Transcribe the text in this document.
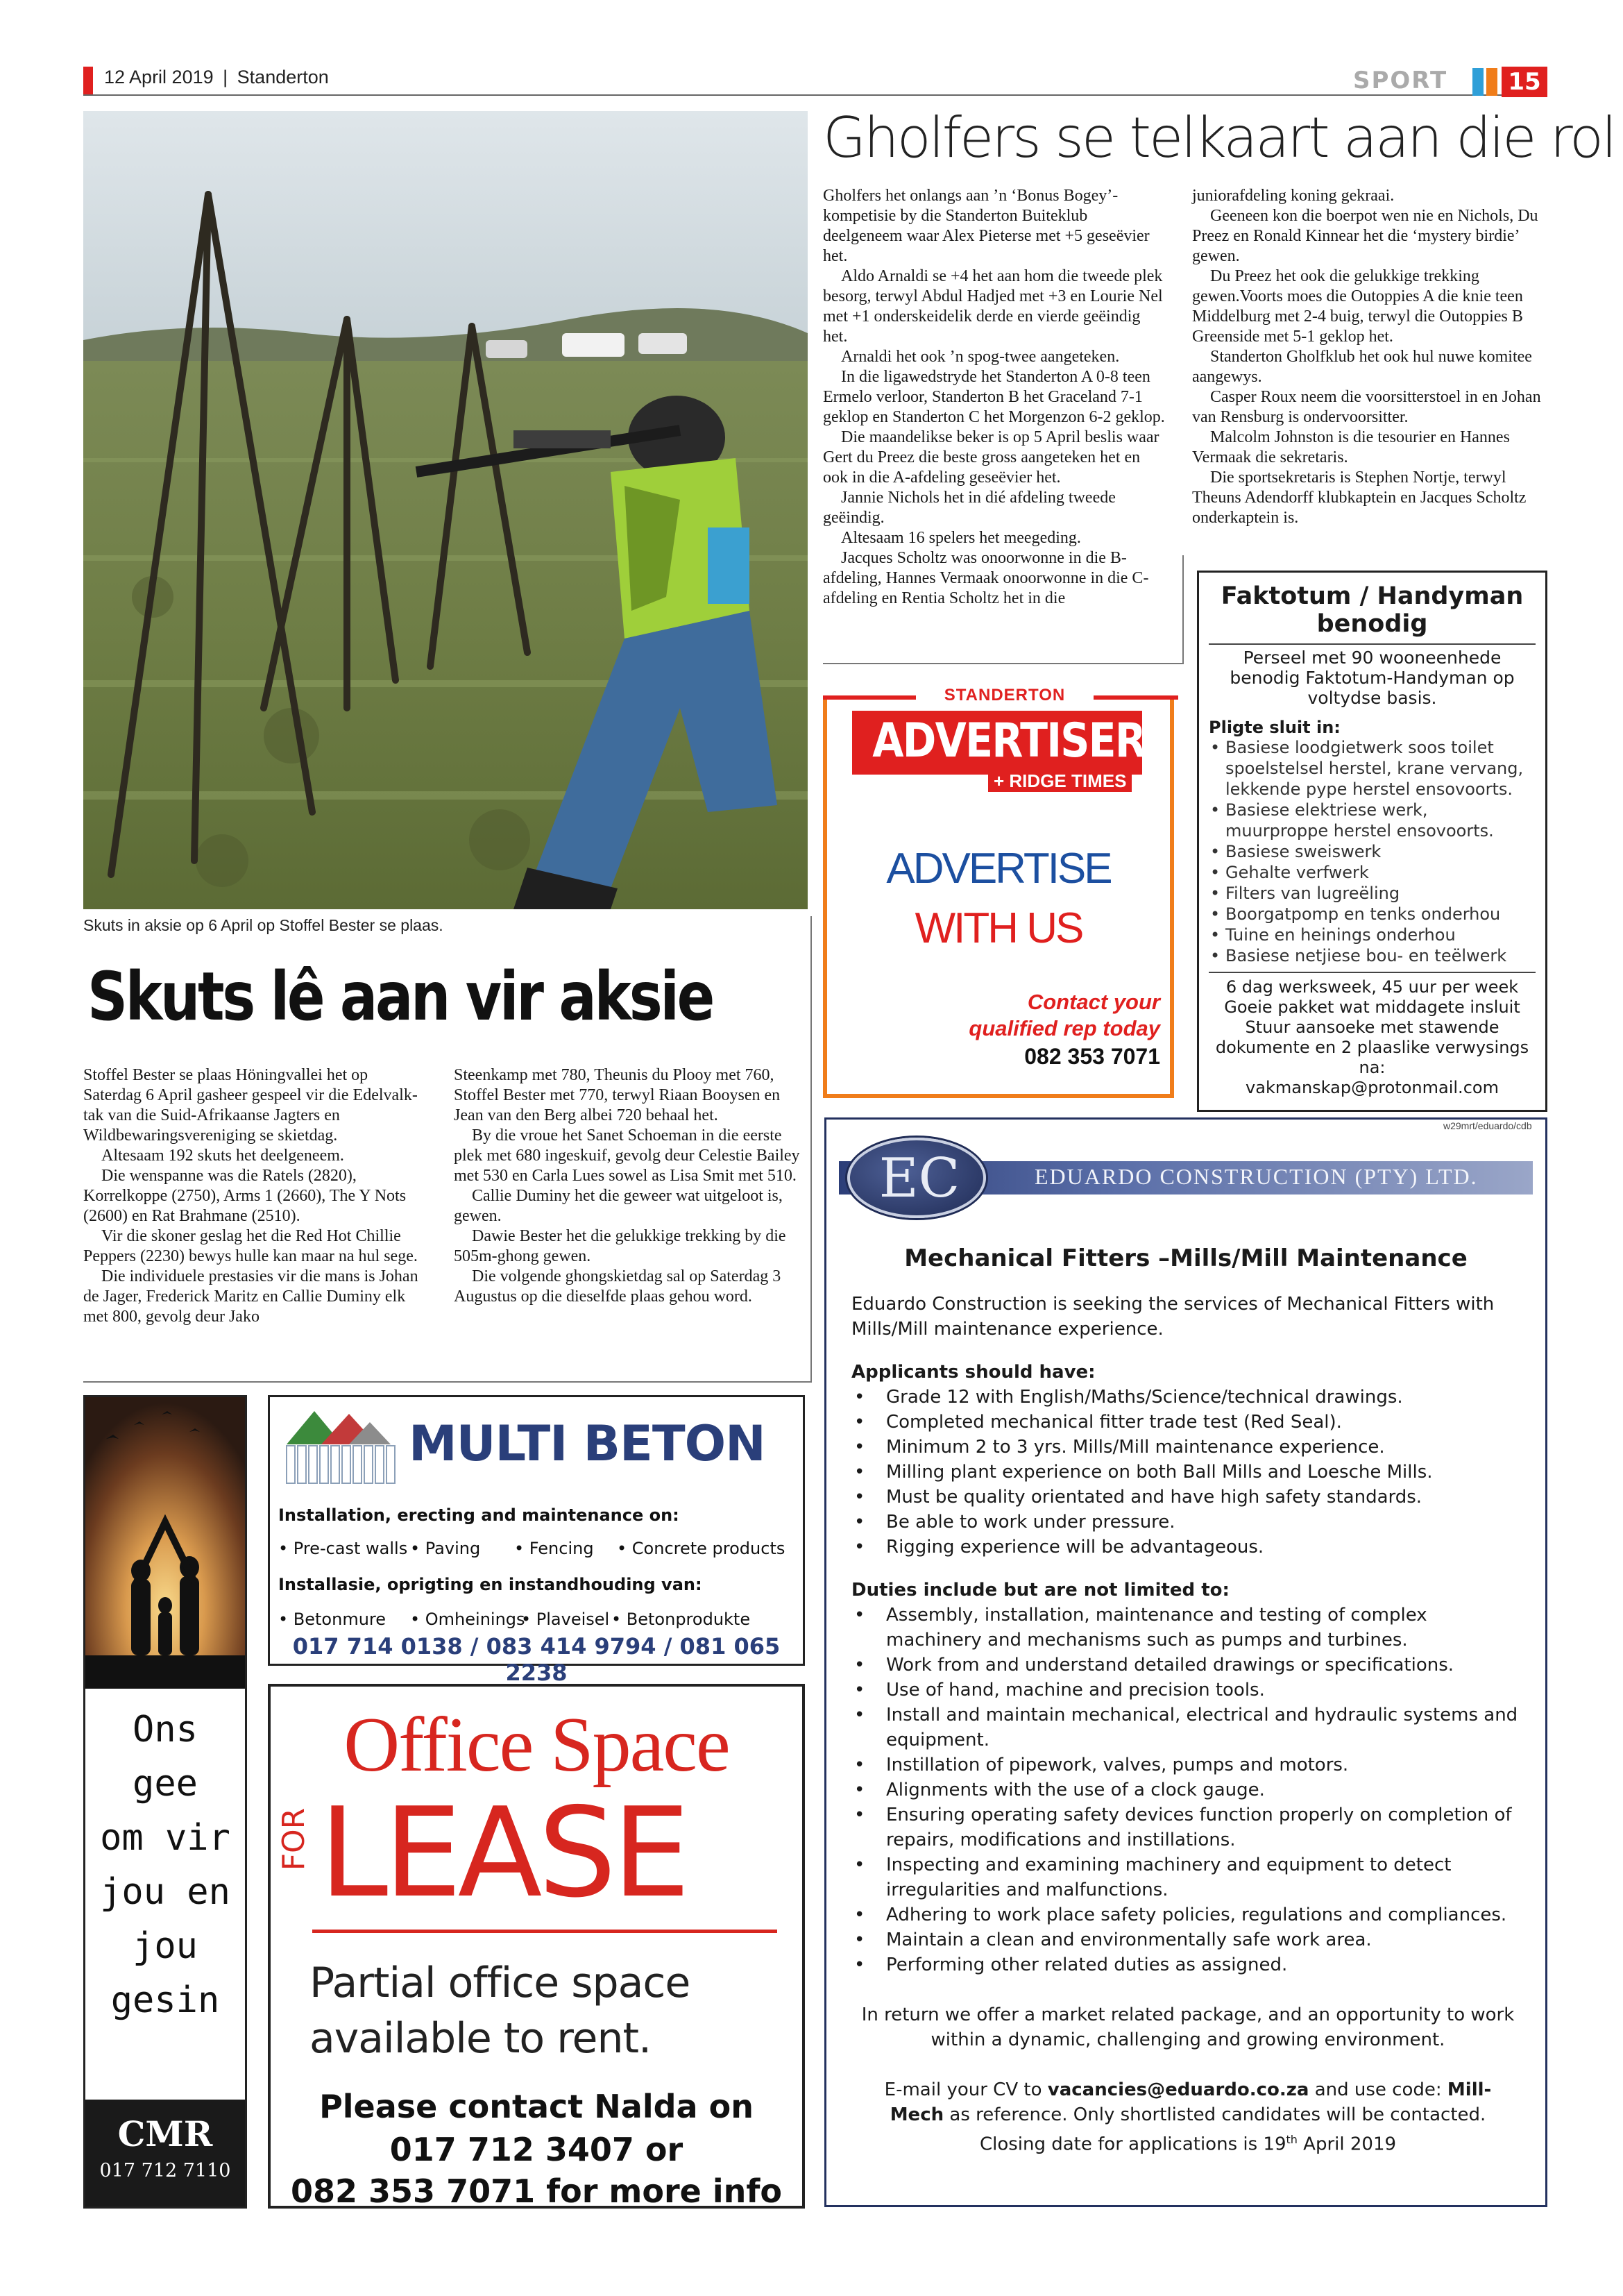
12 April 2019 | Standerton	SPORT	15
Skuts in aksie op 6 April op Stoffel Bester se plaas.
Gholfers se telkaart aan die rol

Gholfers het onlangs aan ’n ‘Bonus Bogey’-kompetisie by die Standerton Buiteklub deelgeneem waar Alex Pieterse met +5 geseëvier het.

Aldo Arnaldi se +4 het aan hom die tweede plek besorg, terwyl Abdul Hadjed met +3 en Lourie Nel met +1 onderskeidelik derde en vierde geëindig het.

Arnaldi het ook ’n spog-twee aangeteken.

In die ligawedstryde het Standerton A 0-8 teen Ermelo verloor, Standerton B het Graceland 7-1 geklop en Standerton C het Morgenzon 6-2 geklop.

Die maandelikse beker is op 5 April beslis waar Gert du Preez die beste gross aangeteken het en ook in die A-afdeling geseëvier het.

Jannie Nichols het in dié afdeling tweede geëindig.

Altesaam 16 spelers het meegeding.

Jacques Scholtz was onoorwonne in die B-afdeling, Hannes Vermaak onoorwonne in die C-afdeling en Rentia Scholtz het in die

juniorafdeling koning gekraai.

Geeneen kon die boerpot wen nie en Nichols, Du Preez en Ronald Kinnear het die ‘mystery birdie’ gewen.

Du Preez het ook die gelukkige trekking gewen.Voorts moes die Outoppies A die knie teen Middelburg met 2-4 buig, terwyl die Outoppies B Greenside met 5-1 geklop het.

Standerton Gholfklub het ook hul nuwe komitee aangewys.

Casper Roux neem die voorsitterstoel in en Johan van Rensburg is ondervoorsitter.

Malcolm Johnston is die tesourier en Hannes Vermaak die sekretaris.

Die sportsekretaris is Stephen Nortje, terwyl Theuns Adendorff klubkaptein en Jacques Scholtz onderkaptein is.

Skuts lê aan vir aksie

Stoffel Bester se plaas Höningvallei het op Saterdag 6 April gasheer gespeel vir die Edelvalk-tak van die Suid-Afrikaanse Jagters en Wildbewaringsvereniging se skietdag.

Altesaam 192 skuts het deelgeneem.

Die wenspanne was die Ratels (2820), Korrelkoppe (2750), Arms 1 (2660), The Y Nots (2600) en Rat Brahmane (2510).

Vir die skoner geslag het die Red Hot Chillie Peppers (2230) bewys hulle kan maar na hul sege.

Die individuele prestasies vir die mans is Johan de Jager, Frederick Maritz en Callie Duminy elk met 800, gevolg deur Jako

Steenkamp met 780, Theunis du Plooy met 760, Stoffel Bester met 770, terwyl Riaan Booysen en Jean van den Berg albei 720 behaal het.

By die vroue het Sanet Schoeman in die eerste plek met 680 ingeskuif, gevolg deur Celestie Bailey met 530 en Carla Lues sowel as Lisa Smit met 510.

Callie Duminy het die geweer wat uitgeloot is, gewen.

Dawie Bester het die gelukkige trekking by die 505m-ghong gewen.

Die volgende ghongskietdag sal op Saterdag 3 Augustus op die dieselfde plaas gehou word.

STANDERTON
ADVERTISER
+ RIDGE TIMES
ADVERTISE
WITH US
Contact your
qualified rep today
082 353 7071
Faktotum / Handyman benodig
Perseel met 90 wooneenhede benodig Faktotum-Handyman op voltydse basis.
Pligte sluit in:
• Basiese loodgietwerk soos toilet spoelstelsel herstel, krane vervang, lekkende pype herstel ensovoorts.
• Basiese elektriese werk, muurproppe herstel ensovoorts.
• Basiese sweiswerk
• Gehalte verfwerk
• Filters van lugreëling
• Boorgatpomp en tenks onderhou
• Tuine en heinings onderhou
• Basiese netjiese bou- en teëlwerk
6 dag werksweek, 45 uur per week Goeie pakket wat middagete insluit Stuur aansoeke met stawende dokumente en 2 plaaslike verwysings na:
vakmanskap@protonmail.com
w29mrt/eduardo/cdb
EC	EDUARDO CONSTRUCTION (PTY) LTD.
Mechanical Fitters –Mills/Mill Maintenance
Eduardo Construction is seeking the services of Mechanical Fitters with Mills/Mill maintenance experience.
Applicants should have:
• Grade 12 with English/Maths/Science/technical drawings.
• Completed mechanical fitter trade test (Red Seal).
• Minimum 2 to 3 yrs. Mills/Mill maintenance experience.
• Milling plant experience on both Ball Mills and Loesche Mills.
• Must be quality orientated and have high safety standards.
• Be able to work under pressure.
• Rigging experience will be advantageous.
Duties include but are not limited to:
• Assembly, installation, maintenance and testing of complex machinery and mechanisms such as pumps and turbines.
• Work from and understand detailed drawings or specifications.
• Use of hand, machine and precision tools.
• Install and maintain mechanical, electrical and hydraulic systems and equipment.
• Instillation of pipework, valves, pumps and motors.
• Alignments with the use of a clock gauge.
• Ensuring operating safety devices function properly on completion of repairs, modifications and instillations.
• Inspecting and examining machinery and equipment to detect irregularities and malfunctions.
• Adhering to work place safety policies, regulations and compliances.
• Maintain a clean and environmentally safe work area.
• Performing other related duties as assigned.
In return we offer a market related package, and an opportunity to work within a dynamic, challenging and growing environment.
E-mail your CV to vacancies@eduardo.co.za and use code: Mill-Mech as reference. Only shortlisted candidates will be contacted.
Closing date for applications is 19th April 2019
Ons
gee
om vir
jou en
jou
gesin
CMR
017 712 7110
MULTI BETON
Installation, erecting and maintenance on:
• Pre-cast walls • Paving • Fencing • Concrete products
Installasie, oprigting en instandhouding van:
• Betonmure • Omheinings• Plaveisel • Betonprodukte
017 714 0138 / 083 414 9794 / 081 065 2238
Office Space
FOR LEASE
Partial office space
available to rent.
Please contact Nalda on
017 712 3407 or
082 353 7071 for more info
